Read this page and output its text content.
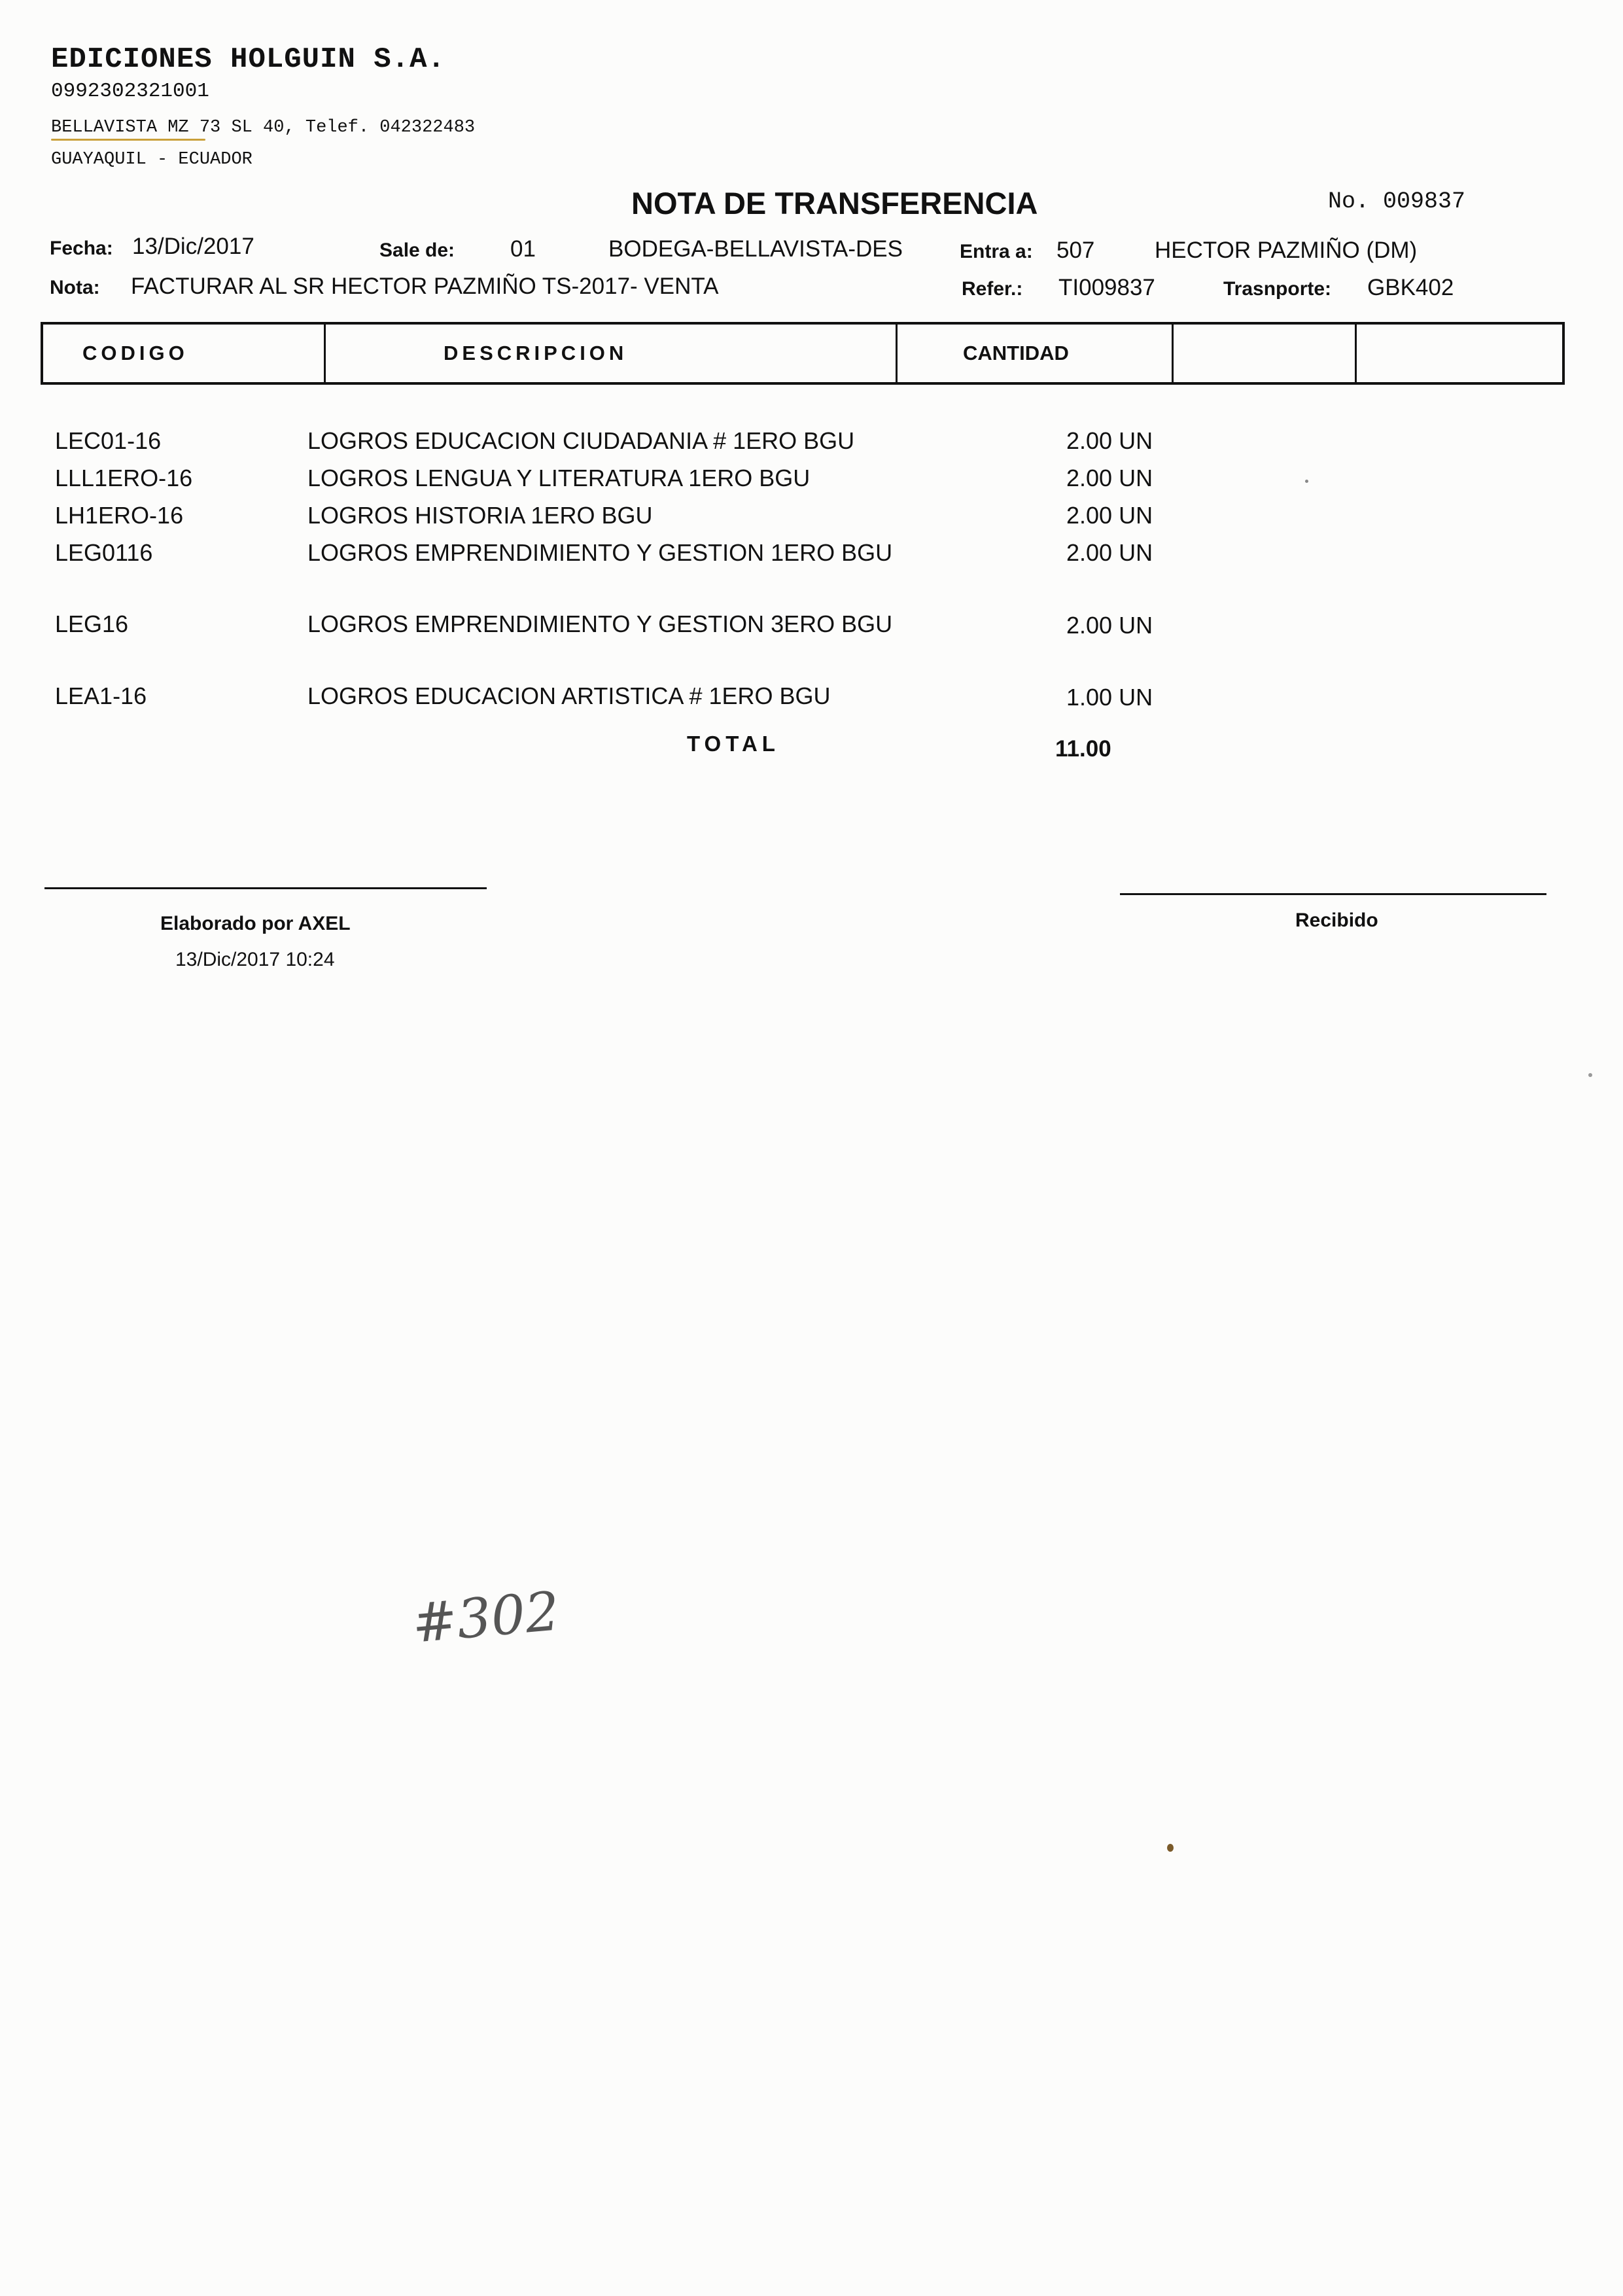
EDICIONES HOLGUIN S.A.
0992302321001
BELLAVISTA MZ 73 SL 40, Telef. 042322483
GUAYAQUIL - ECUADOR
NOTA DE TRANSFERENCIA	No. 009837
Fecha: 13/Dic/2017	Sale de: 01	BODEGA-BELLAVISTA-DES	Entra a: 507	HECTOR PAZMIÑO (DM)
Nota: FACTURAR AL SR HECTOR PAZMIÑO TS-2017- VENTA	Refer.: TI009837	Trasnporte: GBK402
CODIGO	DESCRIPCION	CANTIDAD
LEC01-16	LOGROS EDUCACION CIUDADANIA # 1ERO BGU	2.00 UN
LLL1ERO-16	LOGROS LENGUA Y LITERATURA 1ERO BGU	2.00 UN
LH1ERO-16	LOGROS HISTORIA 1ERO BGU	2.00 UN
LEG0116	LOGROS EMPRENDIMIENTO Y GESTION 1ERO BGU	2.00 UN
LEG16	LOGROS EMPRENDIMIENTO Y GESTION 3ERO BGU	2.00 UN
LEA1-16	LOGROS EDUCACION ARTISTICA # 1ERO BGU	1.00 UN
TOTAL	11.00
Elaborado por AXEL
13/Dic/2017 10:24
Recibido
#302
